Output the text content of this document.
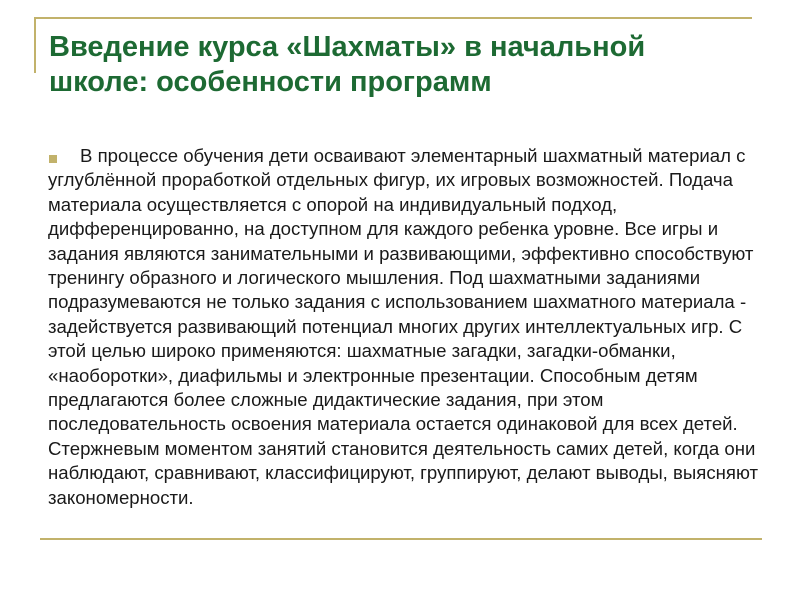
Введение курса «Шахматы» в начальной школе: особенности программ

В процессе обучения дети осваивают элементарный шахматный материал с углублённой проработкой отдельных фигур, их игровых возможностей. Подача материала осуществляется с опорой на индивидуальный подход, дифференцированно, на доступном для каждого ребенка уровне. Все игры и задания являются занимательными и развивающими, эффективно способствуют тренингу образного и логического мышления. Под шахматными заданиями подразумеваются не только задания с использованием шахматного материала - задействуется развивающий потенциал многих других интеллектуальных игр. С этой целью широко применяются: шахматные загадки, загадки-обманки, «наоборотки», диафильмы и электронные презентации. Способным детям предлагаются более сложные дидактические задания, при этом последовательность освоения материала остается одинаковой для всех детей. Стержневым моментом занятий становится деятельность самих детей, когда они наблюдают, сравнивают, классифицируют, группируют, делают выводы, выясняют закономерности.
